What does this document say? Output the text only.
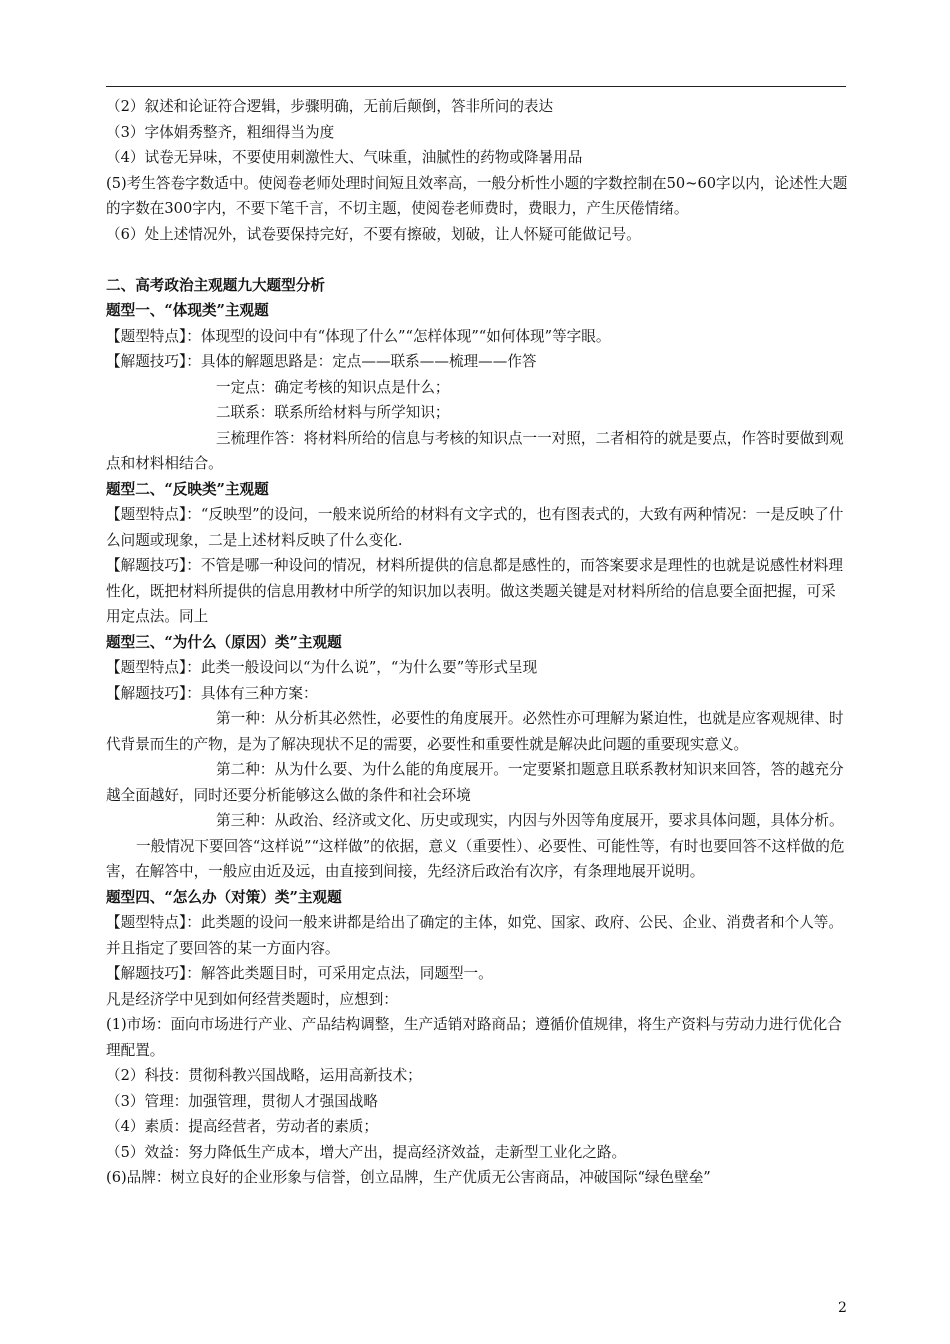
（2）叙述和论证符合逻辑，步骤明确，无前后颠倒，答非所问的表达

（3）字体娟秀整齐，粗细得当为度

（4）试卷无异味，不要使用刺激性大、气味重，油腻性的药物或降暑用品

(5)考生答卷字数适中。使阅卷老师处理时间短且效率高，一般分析性小题的字数控制在50~60字以内，论述性大题的字数在300字内，不要下笔千言，不切主题，使阅卷老师费时，费眼力，产生厌倦情绪。

（6）处上述情况外，试卷要保持完好，不要有擦破，划破，让人怀疑可能做记号。

二、高考政治主观题九大题型分析

题型一、“体现类”主观题

【题型特点】：体现型的设问中有“体现了什么”“怎样体现”“如何体现”等字眼。

【解题技巧】：具体的解题思路是：定点——联系——梳理——作答

一定点：确定考核的知识点是什么；

二联系：联系所给材料与所学知识；

三梳理作答：将材料所给的信息与考核的知识点一一对照，二者相符的就是要点，作答时要做到观点和材料相结合。

题型二、“反映类”主观题

【题型特点】：“反映型”的设问，一般来说所给的材料有文字式的，也有图表式的，大致有两种情况：一是反映了什么问题或现象，二是上述材料反映了什么变化.

【解题技巧】：不管是哪一种设问的情况，材料所提供的信息都是感性的，而答案要求是理性的也就是说感性材料理性化，既把材料所提供的信息用教材中所学的知识加以表明。做这类题关键是对材料所给的信息要全面把握，可采用定点法。同上

题型三、“为什么（原因）类”主观题

【题型特点】：此类一般设问以“为什么说”，“为什么要”等形式呈现

【解题技巧】：具体有三种方案：

第一种：从分析其必然性，必要性的角度展开。必然性亦可理解为紧迫性，也就是应客观规律、时代背景而生的产物，是为了解决现状不足的需要，必要性和重要性就是解决此问题的重要现实意义。

第二种：从为什么要、为什么能的角度展开。一定要紧扣题意且联系教材知识来回答，答的越充分越全面越好，同时还要分析能够这么做的条件和社会环境

第三种：从政治、经济或文化、历史或现实，内因与外因等角度展开，要求具体问题，具体分析。

一般情况下要回答“这样说”“这样做”的依据，意义（重要性）、必要性、可能性等，有时也要回答不这样做的危害，在解答中，一般应由近及远，由直接到间接，先经济后政治有次序，有条理地展开说明。

题型四、“怎么办（对策）类”主观题

【题型特点】：此类题的设问一般来讲都是给出了确定的主体，如党、国家、政府、公民、企业、消费者和个人等。并且指定了要回答的某一方面内容。

【解题技巧】：解答此类题目时，可采用定点法，同题型一。

凡是经济学中见到如何经营类题时，应想到：

(1)市场：面向市场进行产业、产品结构调整，生产适销对路商品；遵循价值规律，将生产资料与劳动力进行优化合理配置。

（2）科技：贯彻科教兴国战略，运用高新技术；

（3）管理：加强管理，贯彻人才强国战略

（4）素质：提高经营者，劳动者的素质；

（5）效益：努力降低生产成本，增大产出，提高经济效益，走新型工业化之路。

(6)品牌：树立良好的企业形象与信誉，创立品牌，生产优质无公害商品，冲破国际“绿色壁垒”

2
